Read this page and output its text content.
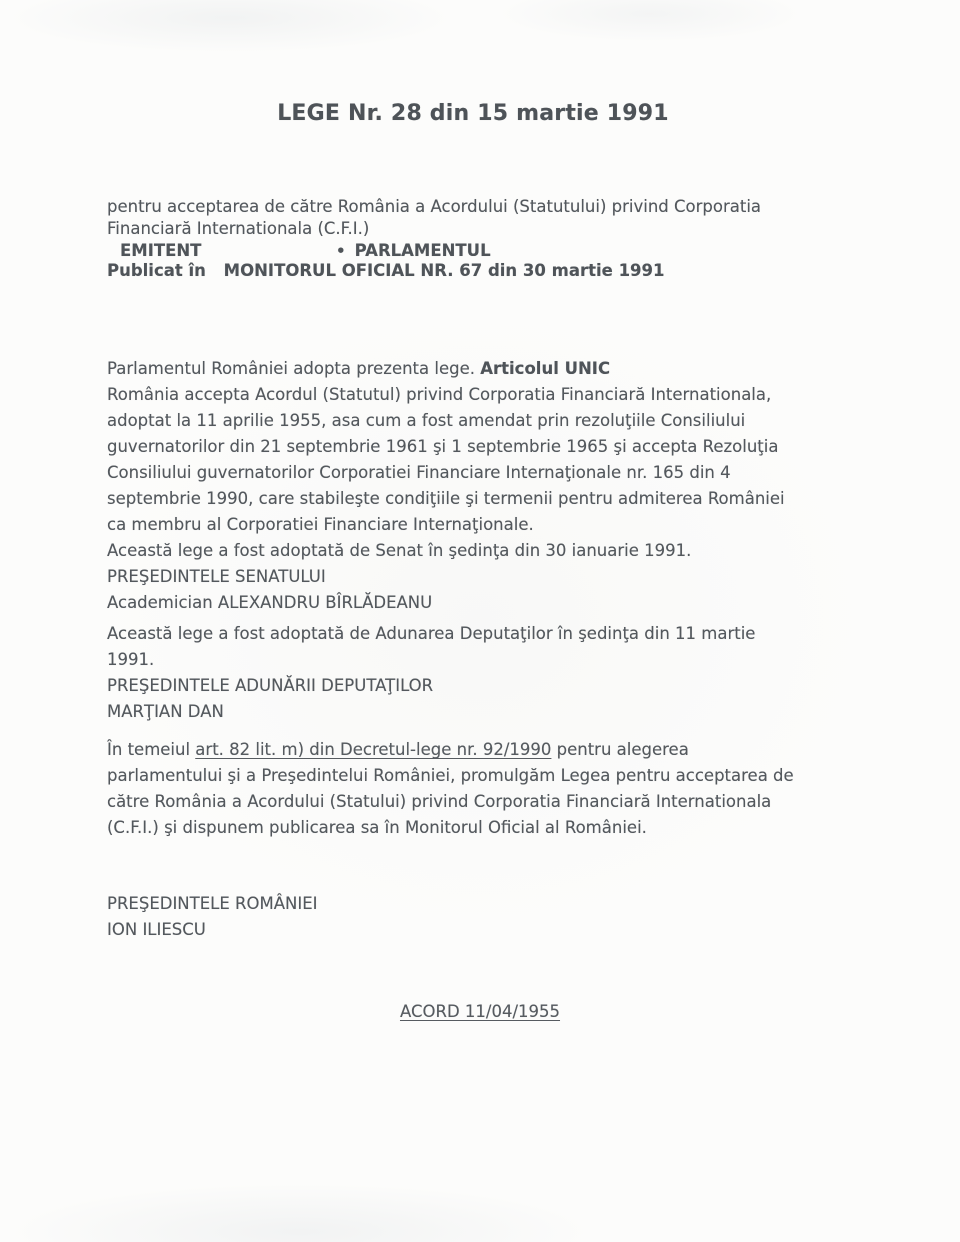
LEGE Nr. 28 din 15 martie 1991
pentru acceptarea de către România a Acordului (Statutului) privind Corporatia
Financiară Internationala (C.F.I.)
EMITENT	• PARLAMENTUL
Publicat în MONITORUL OFICIAL NR. 67 din 30 martie 1991
Parlamentul României adopta prezenta lege. Articolul UNIC
România accepta Acordul (Statutul) privind Corporatia Financiară Internationala,
adoptat la 11 aprilie 1955, asa cum a fost amendat prin rezoluţiile Consiliului
guvernatorilor din 21 septembrie 1961 şi 1 septembrie 1965 şi accepta Rezoluţia
Consiliului guvernatorilor Corporatiei Financiare Internaţionale nr. 165 din 4
septembrie 1990, care stabileşte condiţiile şi termenii pentru admiterea României
ca membru al Corporatiei Financiare Internaţionale.
Această lege a fost adoptată de Senat în şedinţa din 30 ianuarie 1991.
PREŞEDINTELE SENATULUI
Academician ALEXANDRU BÎRLĂDEANU
Această lege a fost adoptată de Adunarea Deputaţilor în şedinţa din 11 martie
1991.
PREŞEDINTELE ADUNĂRII DEPUTAŢILOR
MARŢIAN DAN
În temeiul art. 82 lit. m) din Decretul-lege nr. 92/1990 pentru alegerea
parlamentului şi a Preşedintelui României, promulgăm Legea pentru acceptarea de
către România a Acordului (Statului) privind Corporatia Financiară Internationala
(C.F.I.) şi dispunem publicarea sa în Monitorul Oficial al României.
PREŞEDINTELE ROMÂNIEI
ION ILIESCU
ACORD 11/04/1955
